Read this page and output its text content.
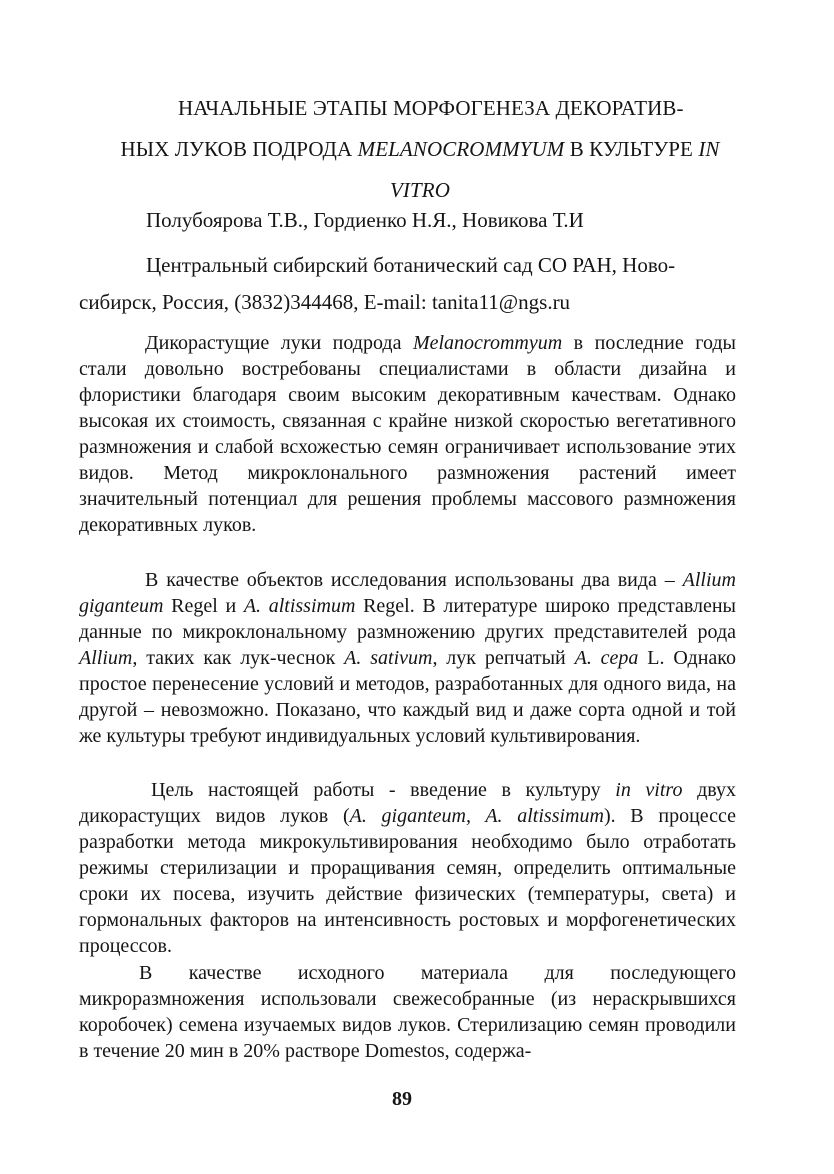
НАЧАЛЬНЫЕ ЭТАПЫ МОРФОГЕНЕЗА ДЕКОРАТИВ-

НЫХ ЛУКОВ ПОДРОДА MELANOCROMMYUM В КУЛЬТУРЕ IN

VITRO

Полубоярова Т.В., Гордиенко Н.Я., Новикова Т.И
Центральный сибирский ботанический сад СО РАН, Ново-
сибирск, Россия, (3832)344468, E-mail: tanita11@ngs.ru

Дикорастущие луки подрода Melanocrommyum в последние годы стали довольно востребованы специалистами в области дизайна и флористики благодаря своим высоким декоративным качествам. Однако высокая их стоимость, связанная с крайне низкой скоростью вегетативного размножения и слабой всхожестью семян ограничивает использование этих видов. Метод микроклонального размножения растений имеет значительный потенциал для решения проблемы массового размножения декоративных луков.

В качестве объектов исследования использованы два вида – Allium giganteum Regel и A. altissimum Regel. В литературе широко представлены данные по микроклональному размножению других представителей рода Allium, таких как лук-чеснок A. sativum, лук репчатый A. cepa L. Однако простое перенесение условий и методов, разработанных для одного вида, на другой – невозможно. Показано, что каждый вид и даже сорта одной и той же культуры требуют индивидуальных условий культивирования.

Цель настоящей работы - введение в культуру in vitro двух дикорастущих видов луков (A. giganteum, A. altissimum). В процессе разработки метода микрокультивирования необходимо было отработать режимы стерилизации и проращивания семян, определить оптимальные сроки их посева, изучить действие физических (температуры, света) и гормональных факторов на интенсивность ростовых и морфогенетических процессов.

В качестве исходного материала для последующего микроразмножения использовали свежесобранные (из нераскрывшихся коробочек) семена изучаемых видов луков. Стерилизацию семян проводили в течение 20 мин в 20% растворе Domestos, содержа-

89
